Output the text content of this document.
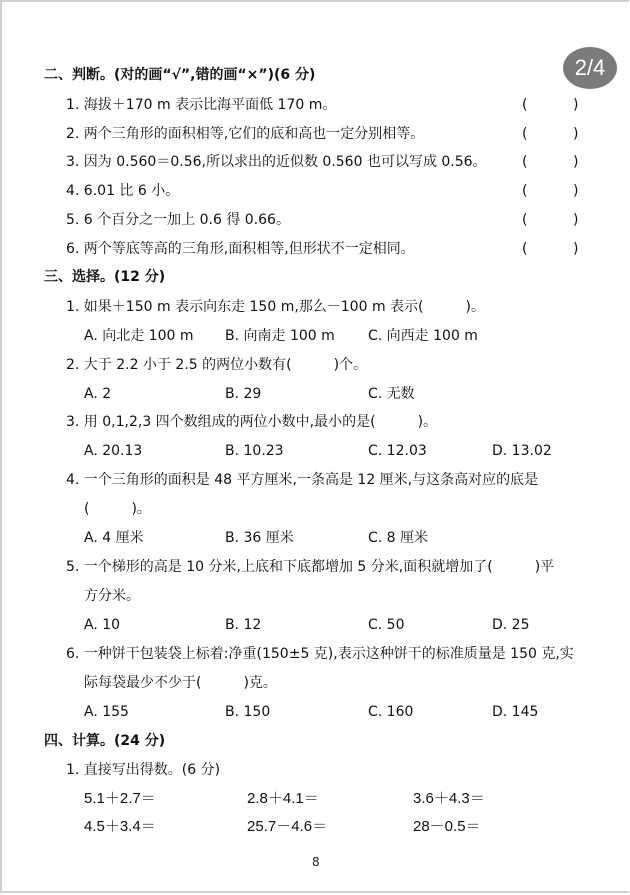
2/4
二、判断。(对的画“√”,错的画“×”)(6 分)
1. 海拔＋170 m 表示比海平面低 170 m。	(	)
2. 两个三角形的面积相等,它们的底和高也一定分别相等。	(	)
3. 因为 0.560＝0.56,所以求出的近似数 0.560 也可以写成 0.56。	(	)
4. 6.01 比 6 小。	(	)
5. 6 个百分之一加上 0.6 得 0.66。	(	)
6. 两个等底等高的三角形,面积相等,但形状不一定相同。	(	)
三、选择。(12 分)
1. 如果＋150 m 表示向东走 150 m,那么－100 m 表示(　　　)。
A. 向北走 100 m B. 向南走 100 m C. 向西走 100 m
2. 大于 2.2 小于 2.5 的两位小数有(　　　)个。
A. 2	B. 29	C. 无数
3. 用 0,1,2,3 四个数组成的两位小数中,最小的是(　　　)。
A. 20.13	B. 10.23	C. 12.03	D. 13.02
4. 一个三角形的面积是 48 平方厘米,一条高是 12 厘米,与这条高对应的底是
(　　　)。
A. 4 厘米	B. 36 厘米	C. 8 厘米
5. 一个梯形的高是 10 分米,上底和下底都增加 5 分米,面积就增加了(　　　)平
方分米。
A. 10	B. 12	C. 50	D. 25
6. 一种饼干包装袋上标着:净重(150±5 克),表示这种饼干的标准质量是 150 克,实
际每袋最少不少于(　　　)克。
A. 155	B. 150	C. 160	D. 145
四、计算。(24 分)
1. 直接写出得数。(6 分)
5.1＋2.7＝	2.8＋4.1＝	3.6＋4.3＝
4.5＋3.4＝	25.7－4.6＝	28－0.5＝
8
